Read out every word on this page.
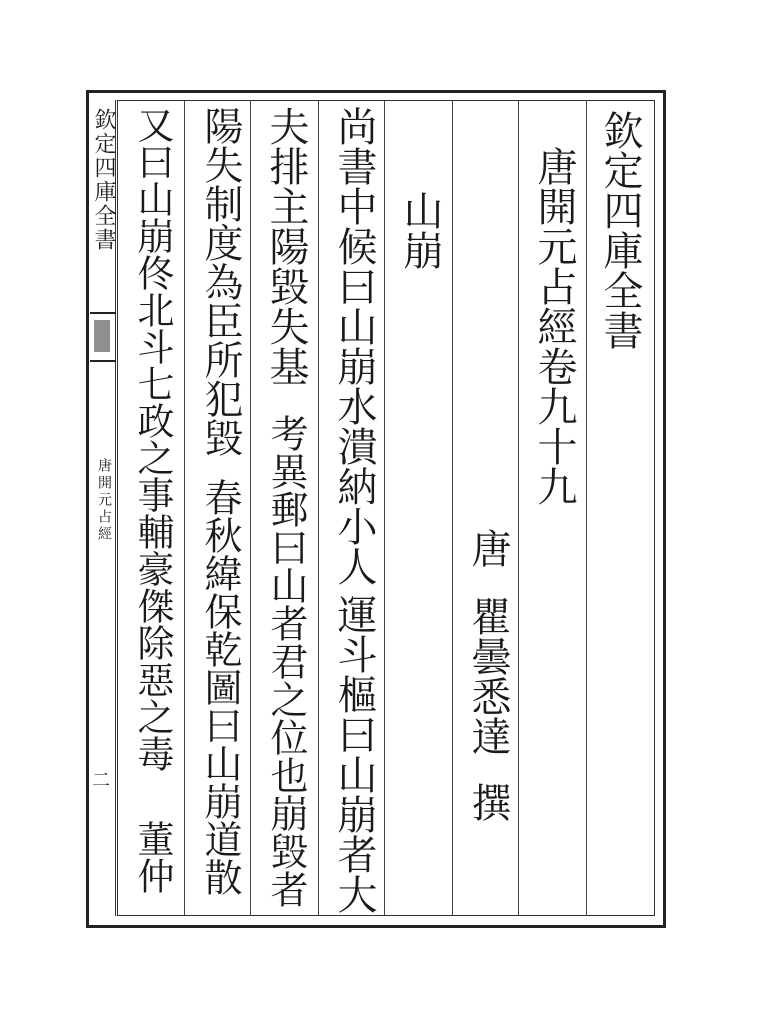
欽定四庫全書
唐開元占經
二
欽定四庫全書
唐開元占經卷九十九
唐
瞿曇悉達
撰
山崩
尚書中候曰山崩水潰納小人
運斗樞曰山崩者大
夫排主陽毀失基
考異郵曰山者君之位也崩毀者
陽失制度為臣所犯毀
春秋緯保乾圖曰山崩道散
又曰山崩佟北斗七政之事輔豪傑除惡之毒
董仲
